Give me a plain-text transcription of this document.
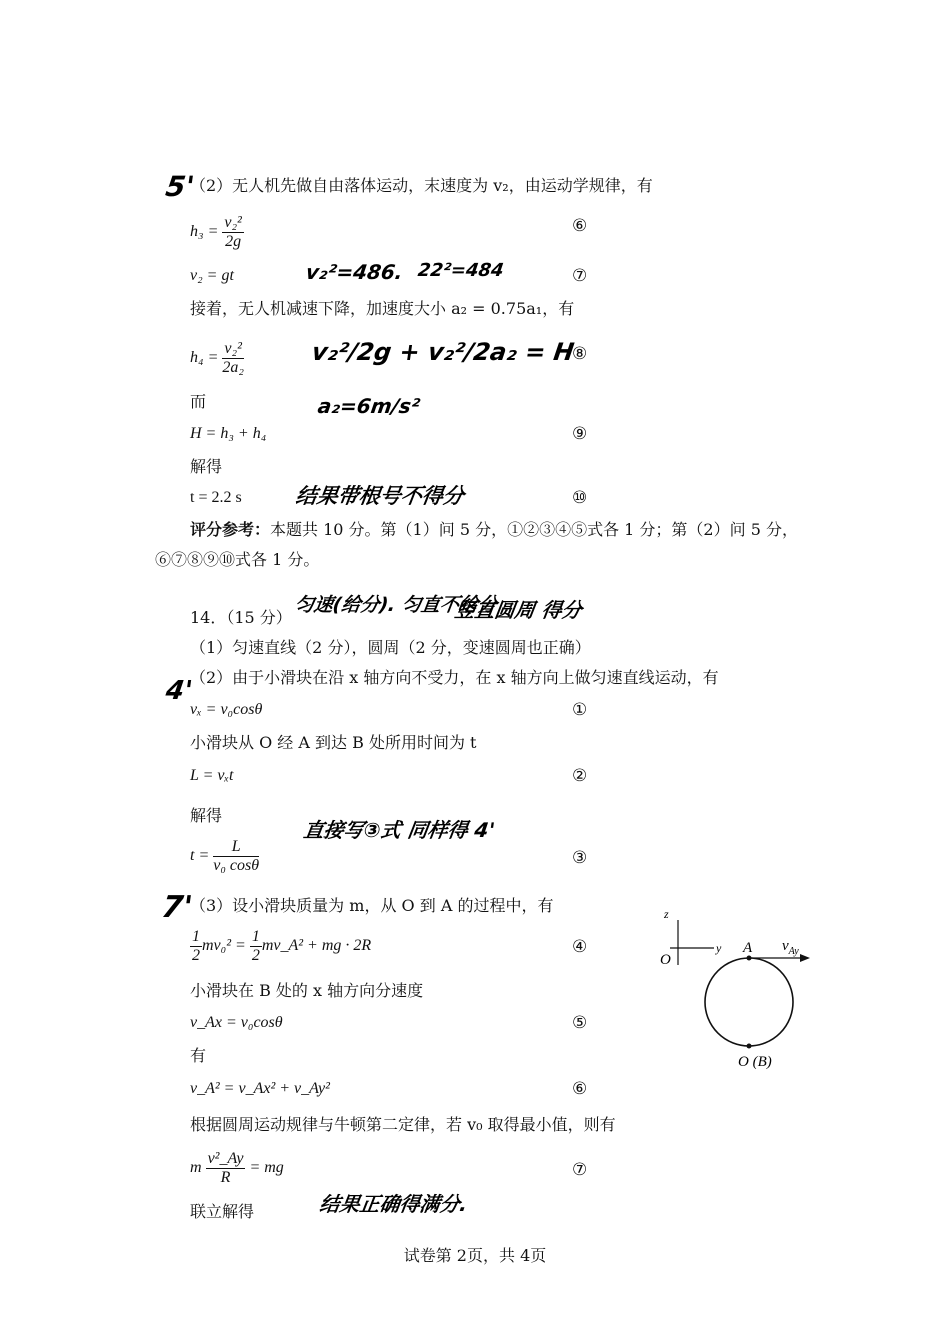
5'
（2）无人机先做自由落体运动，末速度为 v₂，由运动学规律，有
$h_3 = \frac{\text{v₂²}}{2g}$	⑥
v₂ = gt	v₂²=486. 22²=484	⑦
接着，无人机减速下降，加速度大小 a₂ = 0.75a₁，有
$h_4 = \frac{\text{v₂²}}{\text{2a₂}}$	v₂²/2g + v₂²/2a₂ = H
⑧
而	a₂=6m/s²
H = h₃ + h₄	⑨
解得
t = 2.2 s 结果带根号不得分	⑩
评分参考：本题共 10 分。第（1）问 5 分，①②③④⑤式各 1 分；第（2）问 5 分，
⑥⑦⑧⑨⑩式各 1 分。
14．（15 分）
匀速(给分). 匀直不给分
竖直圆周 得分
（1）匀速直线（2 分），圆周（2 分，变速圆周也正确）
4'
（2）由于小滑块在沿 x 轴方向不受力，在 x 轴方向上做匀速直线运动，有
vₓ = v₀cosθ	①
小滑块从 O 经 A 到达 B 处所用时间为 t
L = vₓt	②
解得
直接写③式 同样得 4'
$t = \frac{L}{\text{v₀ cosθ}}$	③
7'
（3）设小滑块质量为 m，从 O 到 A 的过程中，有
$\frac{1}{2} mv_0^2 = \frac{1}{2}$ mv_A² + mg · 2R	④
小滑块在 B 处的 x 轴方向分速度
v_Ax = v₀cosθ	⑤
有
v_A² = v_Ax² + v_Ay²	⑥
根据圆周运动规律与牛顿第二定律，若 v₀ 取得最小值，则有
m $\frac{\text{v²\_Ay}}{R}$ = mg	⑦
联立解得	结果正确得满分.
z
y
O
A $v_{Ay}$
O (B)
试卷第 2页，共 4页
